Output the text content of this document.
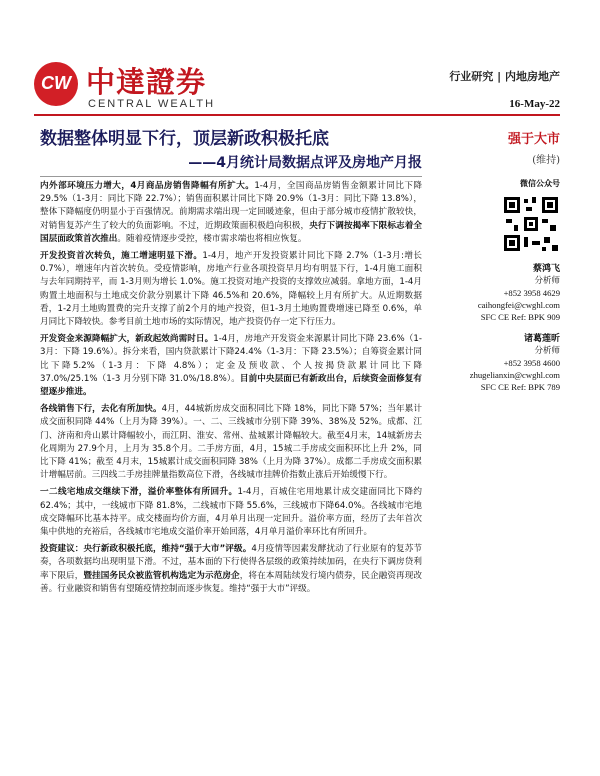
CW 中達證券
CENTRAL WEALTH
行业研究 | 内地房地产
16-May-22
数据整体明显下行，顶层新政积极托底
——4月统计局数据点评及房地产月报
强于大市
(维持)

内外部环境压力增大，4月商品房销售降幅有所扩大。1-4月，全国商品房销售金额累计同比下降 29.5%（1-3月：同比下降 22.7%）；销售面积累计同比下降 20.9%（1-3月：同比下降 13.8%），整体下降幅度仍明显小于百强情况。前期需求端出现一定回暖迹象，但由于部分城市疫情扩散较快，对销售复苏产生了较大的负面影响。不过，近期政策面积极趋向积极，央行下调按揭率下限标志着全国层面政策首次推出。随着疫情逐步受控，楼市需求端也将相应恢复。

开发投资首次转负，施工增速明显下滑。1-4月，地产开发投资累计同比下降 2.7%（1-3月:增长 0.7%），增速年内首次转负。受疫情影响，房地产行业各项投资早月均有明显下行，1-4月施工面积与去年同期持平，而 1-3月则为增长 1.0%。施工投资对地产投资的支撑效应减弱。拿地方面，1-4月购置土地面积与土地成交价款分别累计下降 46.5%和 20.6%，降幅较上月有所扩大。从近期数据看，1-2月土地购置费的完升支撑了前2个月的地产投资，但1-3月土地购置费增速已降至 0.6%，单月同比下降较快。参考目前土地市场的实际情况，地产投资仍存一定下行压力。

开发资金来源降幅扩大，新政起效尚需时日。1-4月，房地产开发资金来源累计同比下降 23.6%（1-3月：下降 19.6%）。拆分来看，国内贷款累计下降24.4%（1-3月：下降 23.5%）；自筹资金累计同比下降5.2%（1-3月：下降 4.8%）；定金及预收款、个人按揭贷款累计同比下降 37.0%/25.1%（1-3 月分别下降 31.0%/18.8%）。目前中央层面已有新政出台，后续资金面修复有望逐步推进。

各线销售下行，去化有所加快。4月，44城新房成交面积同比下降 18%，同比下降 57%；当年累计成交面积同降 44%（上月为降 39%）。一、二、三线城市分别下降 39%、38%及 52%。成都、江门、济南和舟山累计降幅较小，而江阴、淮安、常州、盐城累计降幅较大。截至4月末，14城新房去化周期为 27.9个月，上月为 35.8个月。二手房方面，4月，15城二手房成交面积环比上升 2%，同比下降 41%；截至 4月末，15城累计成交面积同降 38%（上月为降 37%）。成都二手房成交面积累计增幅居前。三四线二手房挂牌量指数高位下滑，各线城市挂牌价指数止涨后开始缓慢下行。

一二线宅地成交继续下滑，溢价率整体有所回升。1-4月，百城住宅用地累计成交建面同比下降约 62.4%；其中，一线城市下降 81.8%，二线城市下降 55.6%，三线城市下降64.0%。各线城市宅地成交降幅环比基本持平。成交楼面均价方面，4月单月出现一定回升。溢价率方面，经历了去年首次集中供地的充裕后，各线城市宅地成交溢价率开始回落，4月单月溢价率环比有所回升。

投资建议：央行新政积极托底，维持“强于大市”评级。4月疫情等因素发酵扰动了行业原有的复苏节奏，各项数据均出现明显下滑。不过，基本面的下行使得各层级的政策持续加码，在央行下调房贷利率下限后，暨挂国务民众被监管机构选定为示范房企，将在本周陆续发行境内债券，民企融资再现改善。行业融资和销售有望随疫情控制而逐步恢复。维持“强于大市”评级。

微信公众号
蔡鸿飞
分析师
+852 3958 4629
caihongfei@cwghl.com
SFC CE Ref: BPK 909
诸葛莲昕
分析师
+852 3958 4600
zhugelianxin@cwghl.com
SFC CE Ref: BPK 789
